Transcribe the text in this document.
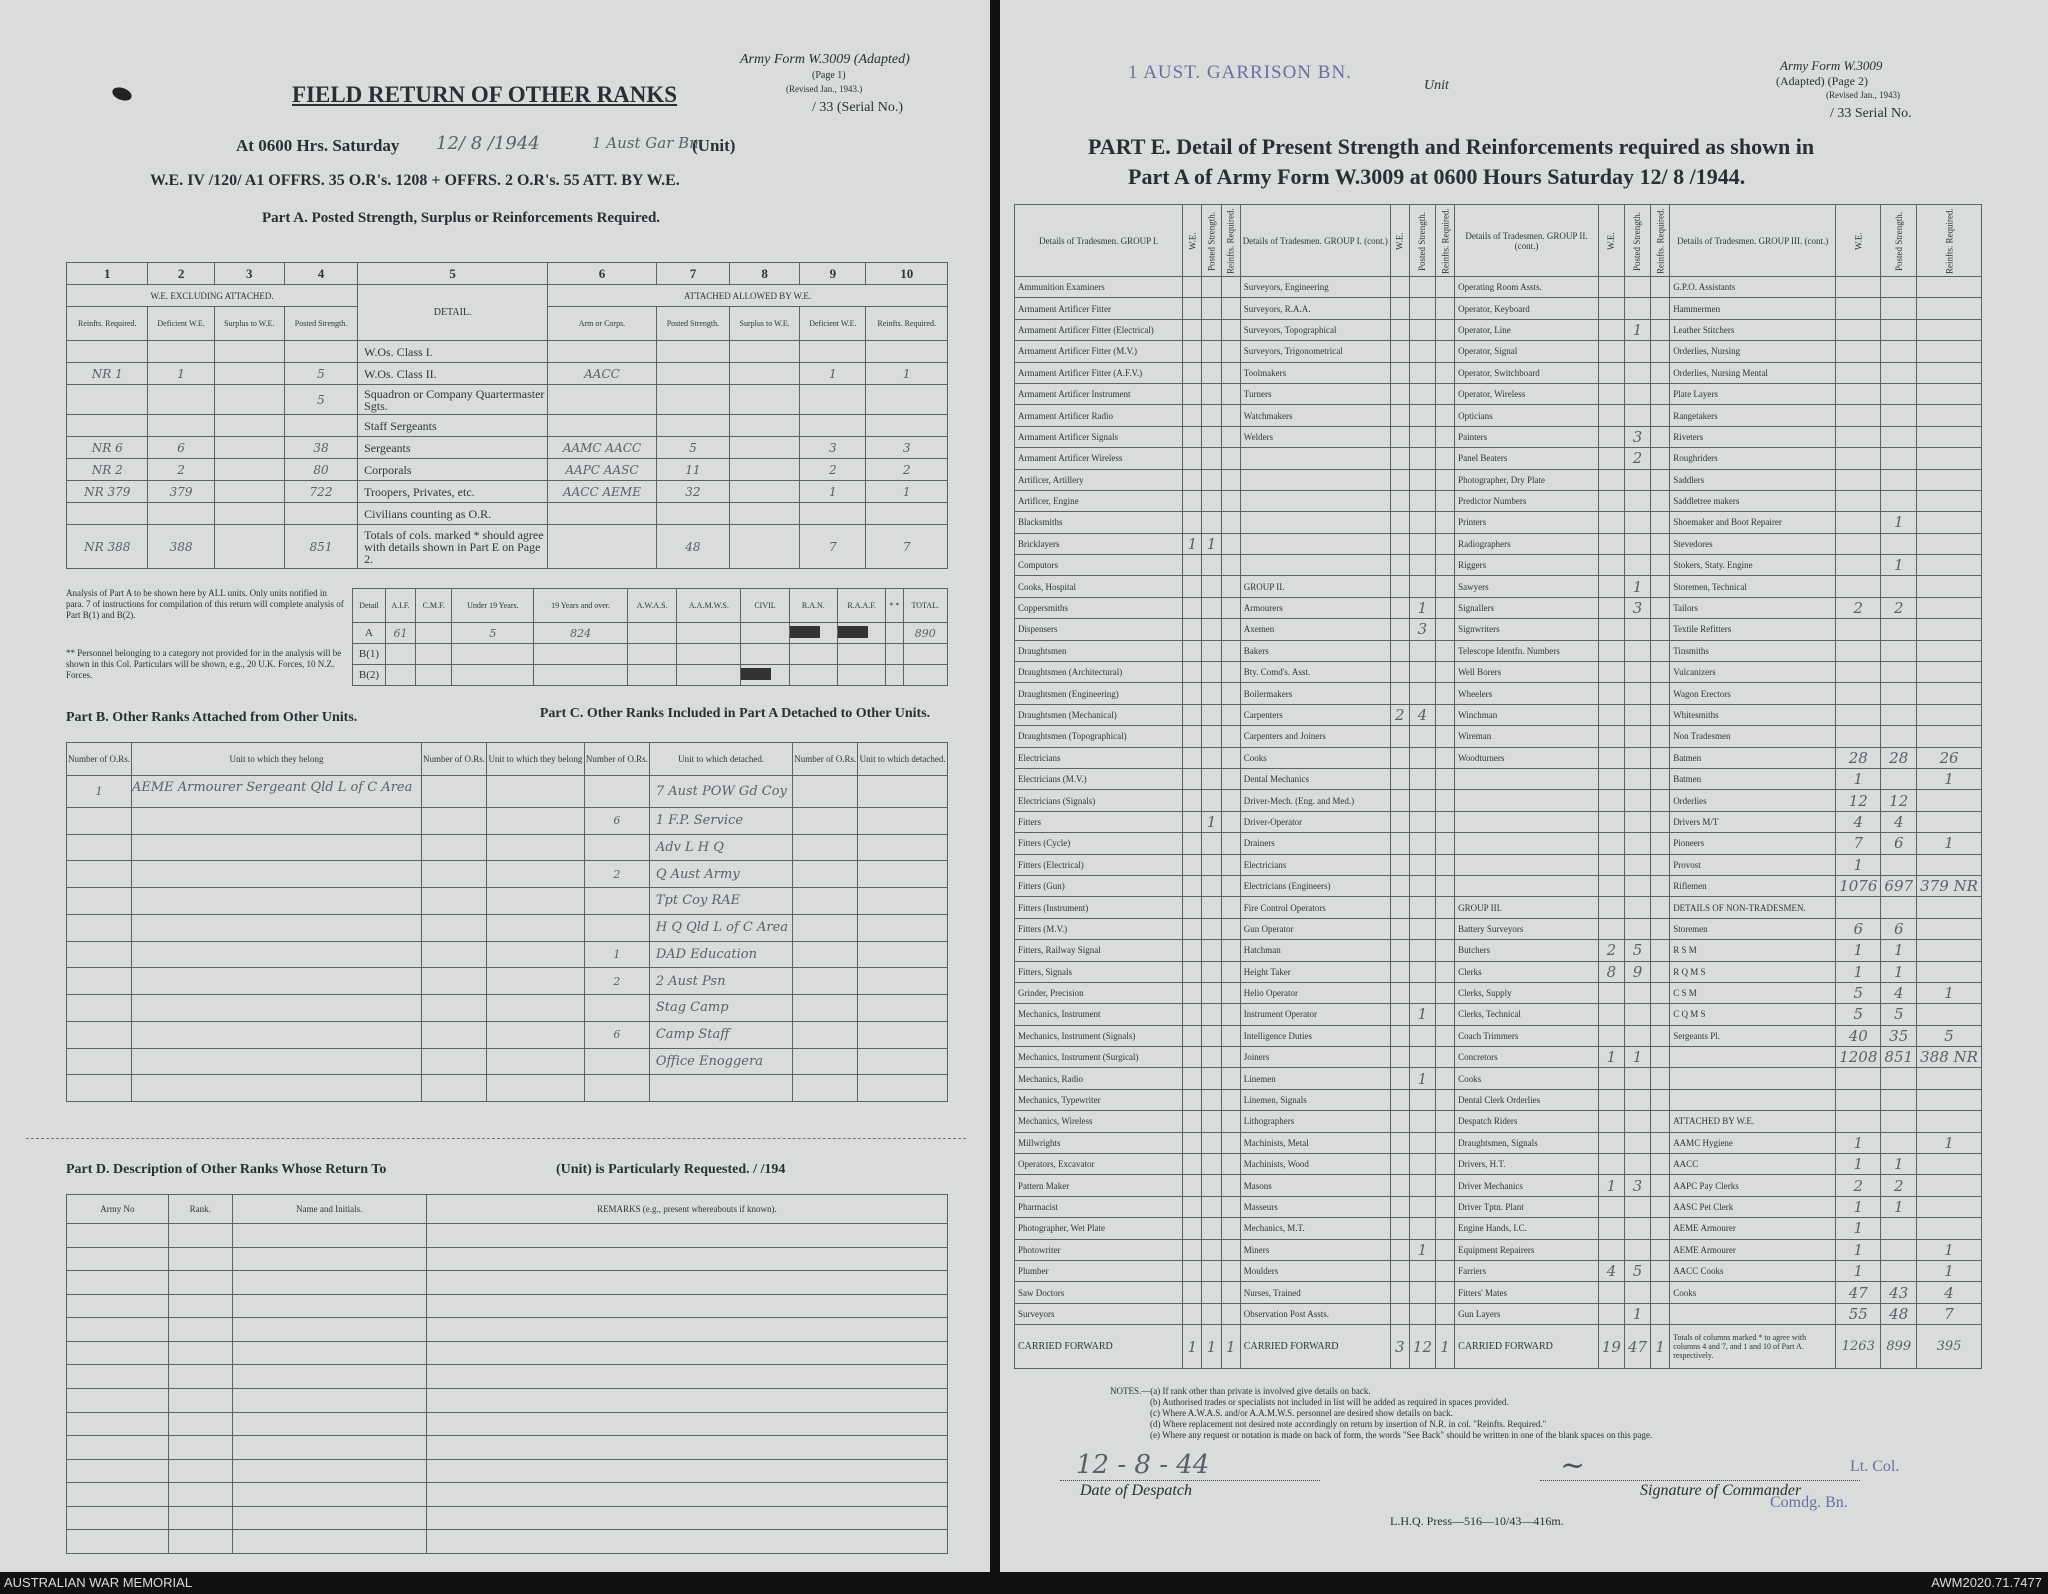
Army Form W.3009 (Adapted)
(Page 1)
(Revised Jan., 1943.)
/ 33 (Serial No.)
FIELD RETURN OF OTHER RANKS
At 0600 Hrs. Saturday 12/ 8 /1944	1 Aust Gar Bn
(Unit)
W.E. IV /120/ A1 OFFRS. 35 O.R's. 1208 + OFFRS. 2 O.R's. 55 ATT. BY W.E.
Part A. Posted Strength, Surplus or Reinforcements Required.
1	2	3	4	5	6	7	8	9	10
W.E. EXCLUDING ATTACHED.				DETAIL.	ATTACHED ALLOWED BY W.E.				
Reinfts. Required.	Deficient W.E.	Surplus to W.E.	Posted Strength.		Arm or Corps.	Posted Strength.	Surplus to W.E.	Deficient W.E.	Reinfts. Required.
				W.Os. Class I.					
NR 1	1		5	W.Os. Class II.	AACC			1	1
			5	Squadron or Company Quartermaster Sgts.					
				Staff Sergeants					
NR 6	6		38	Sergeants	AAMC AACC	5		3	3
NR 2	2		80	Corporals	AAPC AASC	11		2	2
NR 379	379		722	Troopers, Privates, etc.	AACC AEME	32		1	1
				Civilians counting as O.R.					
NR 388	388		851	Totals of cols. marked * should agree with details shown in Part E on Page 2.		48		7	7
Analysis of Part A to be shown here by ALL units. Only units notified in para. 7 of instructions for compilation of this return will complete analysis of Part B(1) and B(2).
** Personnel belonging to a category not provided for in the analysis will be shown in this Col. Particulars will be shown, e.g., 20 U.K. Forces, 10 N.Z. Forces.
Detail	A.I.F.	C.M.F.	Under 19 Years.	19 Years and over.	A.W.A.S.	A.A.M.W.S.	CIVIL	R.A.N.	R.A.A.F.	* *	TOTAL.
A	61		5	824							890
B(1)											
B(2)											
Part B. Other Ranks Attached from Other Units.	Part C. Other Ranks Included in Part A Detached to Other Units.
Number of O.Rs.	Unit to which they belong	Number of O.Rs.	Unit to which they belong	Number of O.Rs.	Unit to which detached.	Number of O.Rs.	Unit to which detached.
1	AEME Armourer Sergeant Qld L of C Area				7 Aust POW Gd Coy		
				6	1 F.P. Service		
					Adv L H Q		
				2	Q Aust Army		
					Tpt Coy RAE		
					H Q Qld L of C Area		
				1	DAD Education		
				2	2 Aust Psn		
					Stag Camp		
				6	Camp Staff		
					Office Enoggera		

Part D. Description of Other Ranks Whose Return To	(Unit) is Particularly Requested. / /194
Army No	Rank.	Name and Initials.	REMARKS (e.g., present whereabouts if known).

1 AUST. GARRISON BN.
Unit
Army Form W.3009
(Adapted) (Page 2)
(Revised Jan., 1943)
/ 33 Serial No.
PART E. Detail of Present Strength and Reinforcements required as shown in
Part A of Army Form W.3009 at 0600 Hours Saturday 12/ 8 /1944.
Details of Tradesmen. GROUP I.	W.E.	Posted Strength.	Reinfts. Required.	Details of Tradesmen. GROUP I. (cont.)	W.E.	Posted Strength.	Reinfts. Required.	Details of Tradesmen. GROUP II. (cont.)	W.E.	Posted Strength.	Reinfts. Required.	Details of Tradesmen. GROUP III. (cont.)	W.E.	Posted Strength.	Reinfts. Required.
Ammunition Examiners				Surveyors, Engineering				Operating Room Assts.				G.P.O. Assistants			
Armament Artificer Fitter				Surveyors, R.A.A.				Operator, Keyboard				Hammermen			
Armament Artificer Fitter (Electrical)				Surveyors, Topographical				Operator, Line		1		Leather Stitchers			
Armament Artificer Fitter (M.V.)				Surveyors, Trigonometrical				Operator, Signal				Orderlies, Nursing			
Armament Artificer Fitter (A.F.V.)				Toolmakers				Operator, Switchboard				Orderlies, Nursing Mental			
Armament Artificer Instrument				Turners				Operator, Wireless				Plate Layers			
Armament Artificer Radio				Watchmakers				Opticians				Rangetakers			
Armament Artificer Signals				Welders				Painters		3		Riveters			
Armament Artificer Wireless								Panel Beaters		2		Roughriders			
Artificer, Artillery								Photographer, Dry Plate				Saddlers			
Artificer, Engine								Predictor Numbers				Saddletree makers			
Blacksmiths								Printers				Shoemaker and Boot Repairer		1	
Bricklayers	1	1						Radiographers				Stevedores			
Computors								Riggers				Stokers, Staty. Engine		1	
Cooks, Hospital				GROUP II.				Sawyers		1		Storemen, Technical			
Coppersmiths				Armourers		1		Signallers		3		Tailors	2	2	
Dispensers				Axemen		3		Signwriters				Textile Refitters			
Draughtsmen				Bakers				Telescope Identfn. Numbers				Tinsmiths			
Draughtsmen (Architectural)				Bty. Comd's. Asst.				Well Borers				Vulcanizers			
Draughtsmen (Engineering)				Boilermakers				Wheelers				Wagon Erectors			
Draughtsmen (Mechanical)				Carpenters	2	4		Winchman				Whitesmiths			
Draughtsmen (Topographical)				Carpenters and Joiners				Wireman				Non Tradesmen			
Electricians				Cooks				Woodturners				Batmen	28	28	26
Electricians (M.V.)				Dental Mechanics								Batmen	1		1
Electricians (Signals)				Driver-Mech. (Eng. and Med.)								Orderlies	12	12	
Fitters		1		Driver-Operator								Drivers M/T	4	4	
Fitters (Cycle)				Drainers								Pioneers	7	6	1
Fitters (Electrical)				Electricians								Provost	1		
Fitters (Gun)				Electricians (Engineers)								Riflemen	1076	697	379 NR
Fitters (Instrument)				Fire Control Operators				GROUP III.				DETAILS OF NON-TRADESMEN.			
Fitters (M.V.)				Gun Operator				Battery Surveyors				Storemen	6	6	
Fitters, Railway Signal				Hatchman				Butchers	2	5		R S M	1	1	
Fitters, Signals				Height Taker				Clerks	8	9		R Q M S	1	1	
Grinder, Precision				Helio Operator				Clerks, Supply				C S M	5	4	1
Mechanics, Instrument				Instrument Operator		1		Clerks, Technical				C Q M S	5	5	
Mechanics, Instrument (Signals)				Intelligence Duties				Coach Trimmers				Sergeants Pl.	40	35	5
Mechanics, Instrument (Surgical)				Joiners				Concretors	1	1			1208	851	388 NR
Mechanics, Radio				Linemen		1		Cooks							
Mechanics, Typewriter				Linemen, Signals				Dental Clerk Orderlies							
Mechanics, Wireless				Lithographers				Despatch Riders				ATTACHED BY W.E.			
Millwrights				Machinists, Metal				Draughtsmen, Signals				AAMC Hygiene	1		1
Operators, Excavator				Machinists, Wood				Drivers, H.T.				AACC	1	1	
Pattern Maker				Masons				Driver Mechanics	1	3		AAPC Pay Clerks	2	2	
Pharmacist				Masseurs				Driver Tptn. Plant				AASC Pet Clerk	1	1	
Photographer, Wet Plate				Mechanics, M.T.				Engine Hands, I.C.				AEME Armourer	1		
Photowriter				Miners		1		Equipment Repairers				AEME Armourer	1		1
Plumber				Moulders				Farriers	4	5		AACC Cooks	1		1
Saw Doctors				Nurses, Trained				Fitters' Mates				Cooks	47	43	4
Surveyors				Observation Post Assts.				Gun Layers		1			55	48	7
CARRIED FORWARD	1	1	1	CARRIED FORWARD	3	12	1	CARRIED FORWARD	19	47	1	Totals of columns marked * to agree with columns 4 and 7, and 1 and 10 of Part A. respectively.	1263	899	395
NOTES.—(a) If rank other than private is involved give details on back.
(b) Authorised trades or specialists not included in list will be added as required in spaces provided.
(c) Where A.W.A.S. and/or A.A.M.W.S. personnel are desired show details on back.
(d) Where replacement not desired note accordingly on return by insertion of N.R. in col. "Reinfts. Required."
(e) Where any request or notation is made on back of form, the words "See Back" should be written in one of the blank spaces on this page.
12 - 8 - 44
Date of Despatch
~	Lt. Col.
Signature of Commander
Comdg. Bn.
L.H.Q. Press—516—10/43—416m.
AUSTRALIAN WAR MEMORIAL	AWM2020.71.7477
